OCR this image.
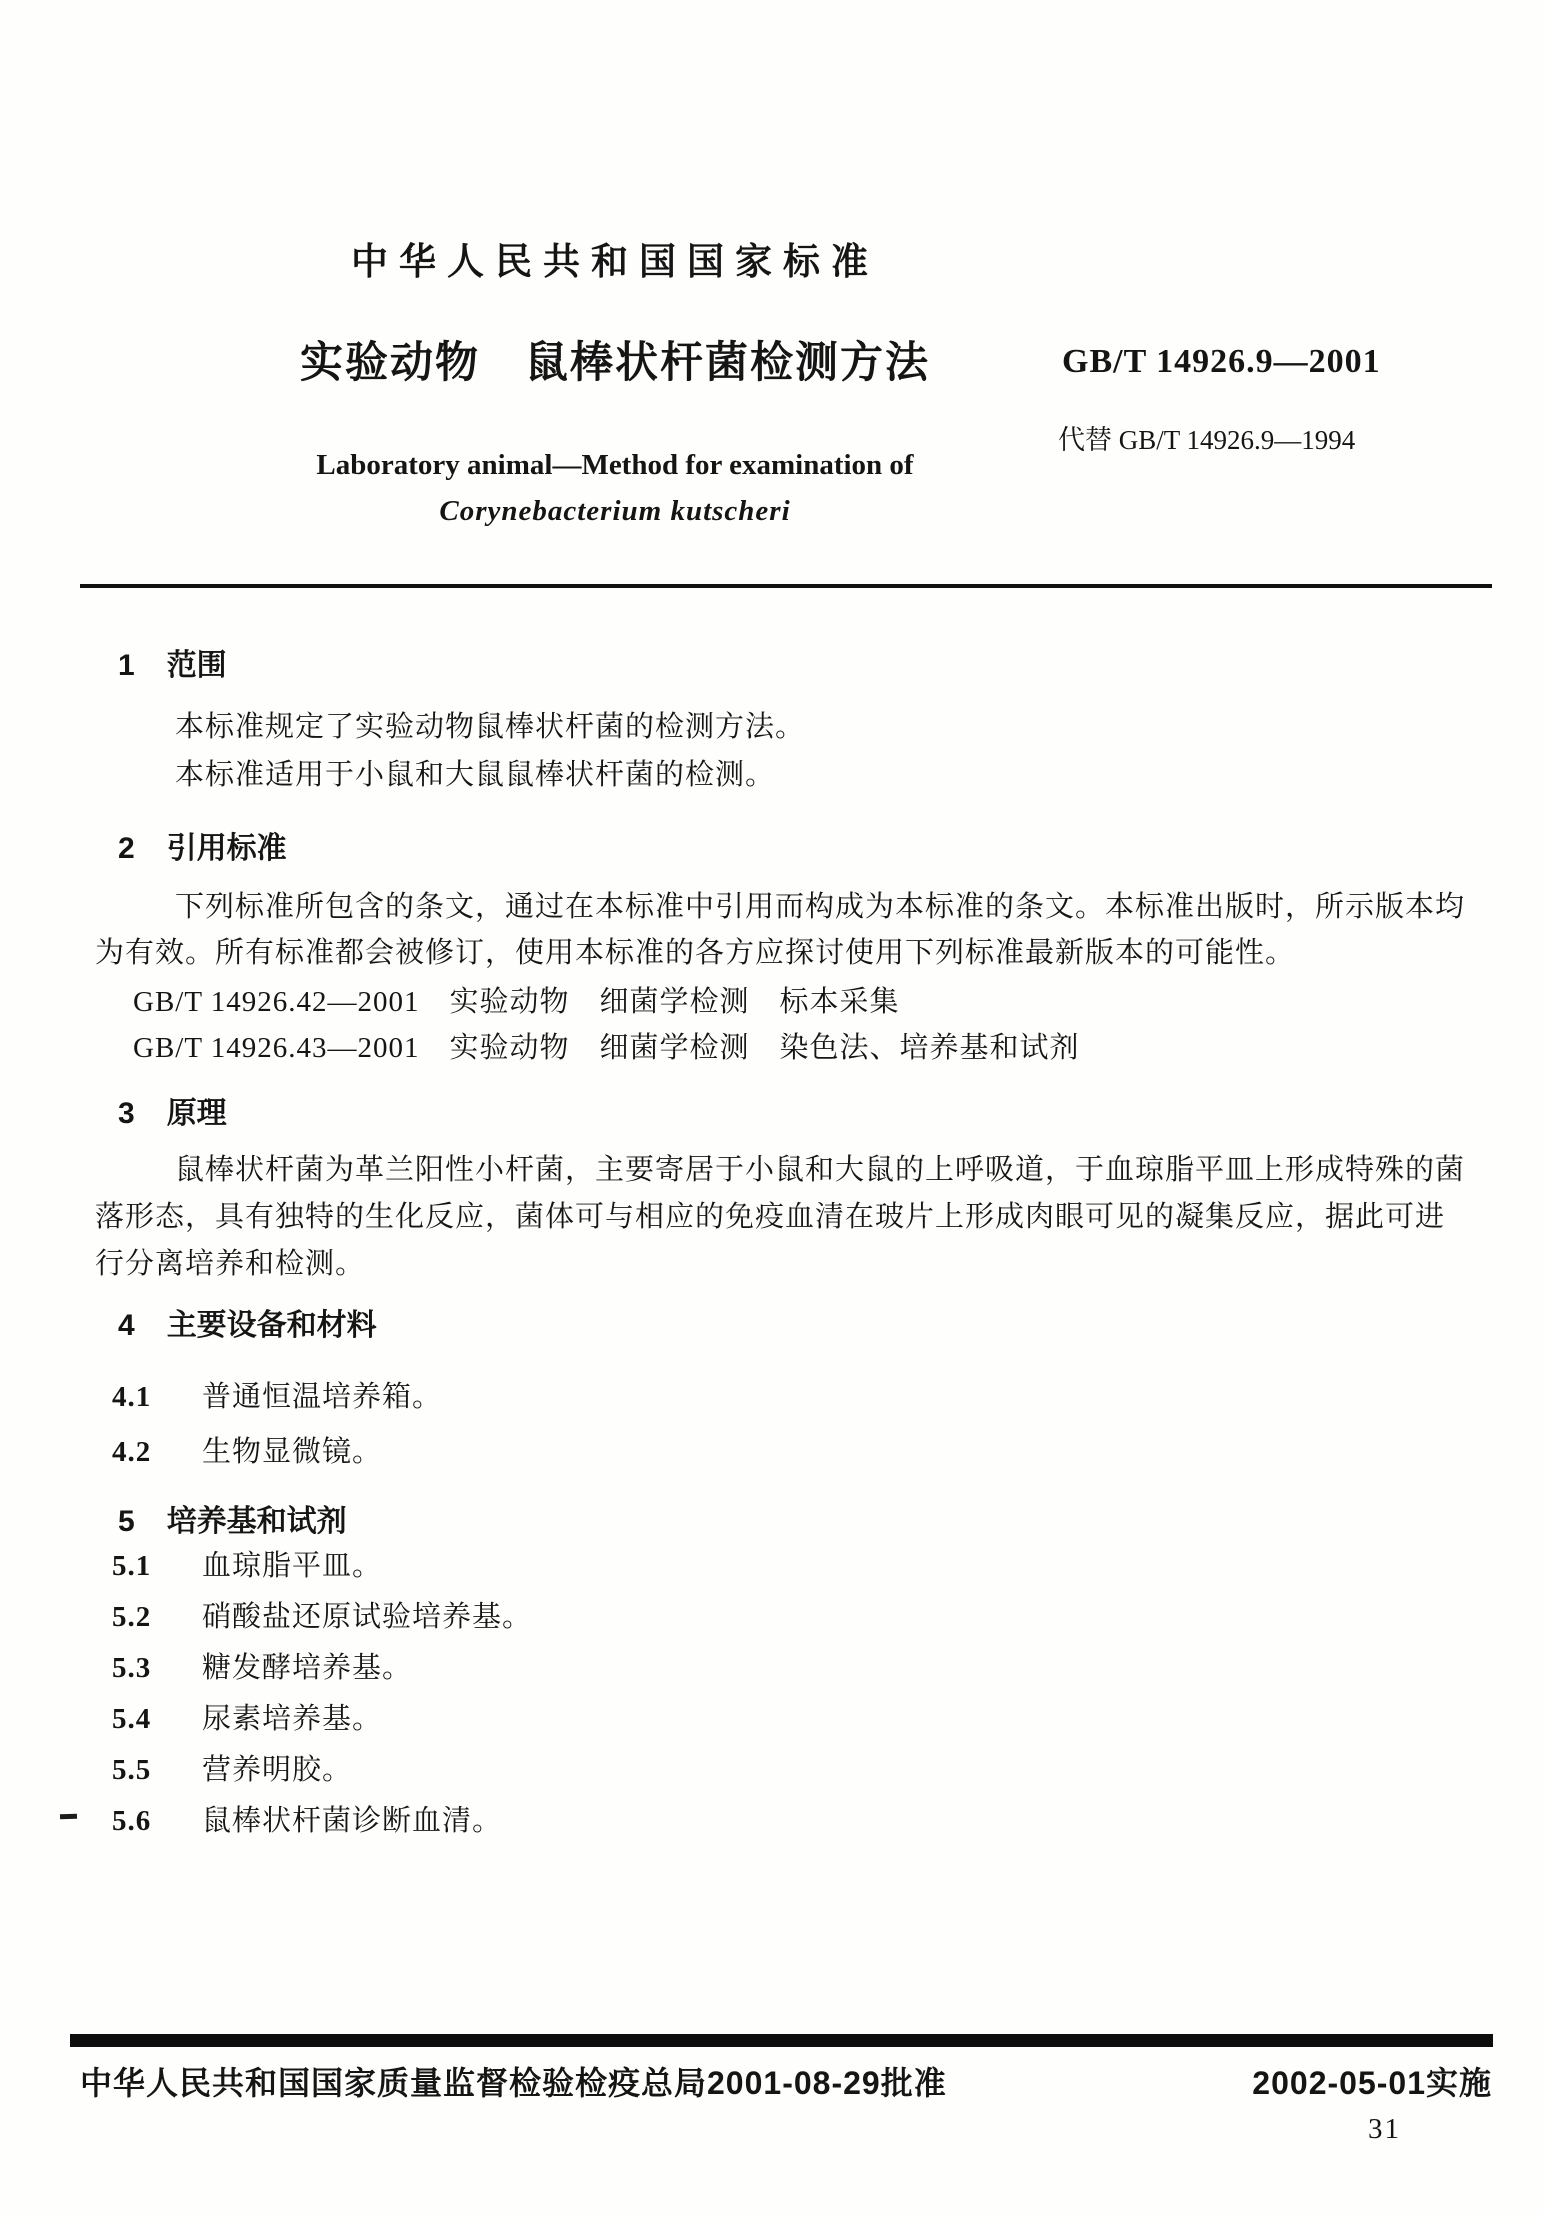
中华人民共和国国家标准
实验动物　鼠棒状杆菌检测方法	GB/T 14926.9—2001
代替 GB/T 14926.9—1994
Laboratory animal—Method for examination of
Corynebacterium kutscheri
1 范围
本标准规定了实验动物鼠棒状杆菌的检测方法。
本标准适用于小鼠和大鼠鼠棒状杆菌的检测。
2 引用标准
下列标准所包含的条文，通过在本标准中引用而构成为本标准的条文。本标准出版时，所示版本均
为有效。所有标准都会被修订，使用本标准的各方应探讨使用下列标准最新版本的可能性。
GB/T 14926.42—2001　实验动物　细菌学检测　标本采集
GB/T 14926.43—2001　实验动物　细菌学检测　染色法、培养基和试剂
3 原理
鼠棒状杆菌为革兰阳性小杆菌，主要寄居于小鼠和大鼠的上呼吸道，于血琼脂平皿上形成特殊的菌
落形态，具有独特的生化反应，菌体可与相应的免疫血清在玻片上形成肉眼可见的凝集反应，据此可进
行分离培养和检测。
4 主要设备和材料
4.1	普通恒温培养箱。
4.2	生物显微镜。
5 培养基和试剂
5.1	血琼脂平皿。
5.2	硝酸盐还原试验培养基。
5.3	糖发酵培养基。
5.4	尿素培养基。
5.5	营养明胶。
5.6	鼠棒状杆菌诊断血清。
中华人民共和国国家质量监督检验检疫总局2001-08-29批准	2002-05-01实施
31
